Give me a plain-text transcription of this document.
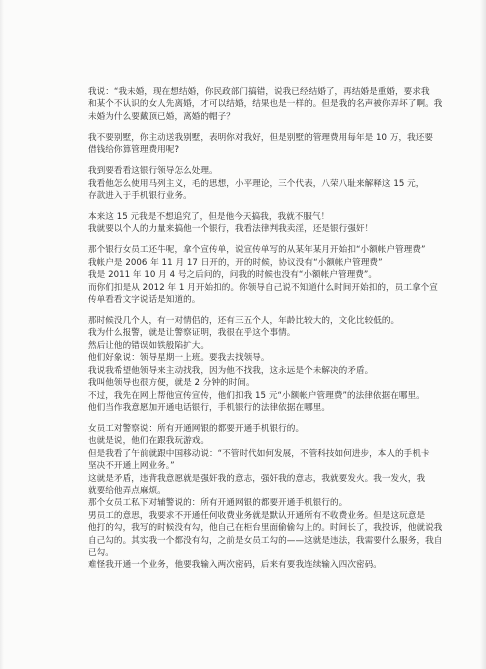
我说：“我未婚，现在想结婚，你民政部门搞错，说我已经结婚了，再结婚是重婚，要求我
和某个不认识的女人先离婚，才可以结婚，结果也是一样的。但是我的名声被你弄坏了啊。我
未婚为什么要戴顶已婚，离婚的帽子？

我不要别墅，你主动送我别墅，表明你对我好，但是别墅的管理费用每年是 10 万，我还要
借钱给你算管理费用呢?

我到要看看这银行领导怎么处理。
我看他怎么使用马列主义，毛的思想，小平理论，三个代表，八荣八耻来解释这 15 元，
存款进入于手机银行业务。

本来这 15 元我是不想追究了，但是他今天搞我，我就不服气！
我就要以个人的力量来搞他一个银行，我看法律判我卖淫，还是银行强奸！

那个银行女员工还牛呢，拿个宣传单，说宣传单写的从某年某月开始扣“小额帐户管理费”
我帐户是 2006 年 11 月 17 日开的，开的时候，协议没有“小额帐户管理费”
我是 2011 年 10 月 4 号之后问的，问我的时候也没有“小额帐户管理费”。
而你们扣是从 2012 年 1 月开始扣的。你领导自己说不知道什么时间开始扣的，员工拿个宣
传单看看文字说话是知道的。

那时候没几个人，有一对情侣的，还有三五个人，年龄比较大的，文化比较低的。
我为什么报警，就是让警察证明，我很在乎这个事情。
然后让他的错误如铁般陷扩大。
他们好象说：领导星期一上班。要我去找领导。
我说我希望他领导来主动找我，因为他不找我，这永远是个未解决的矛盾。
我叫他领导也很方便，就是 2 分钟的时间。
不过，我先在网上帮他宣传宣传，他们扣我 15 元“小额帐户管理费”的法律依据在哪里。
他们当作我意愿加开通电话银行，手机银行的法律依据在哪里。

女员工对警察说：所有开通网银的都要开通手机银行的。
也就是说，他们在跟我玩游戏。
但是我看了午前就跟中国移动说：“不管时代如何发展，不管科技如何进步，本人的手机卡
坚决不开通上网业务。”
这就是矛盾，违背我意愿就是强奸我的意志，强奸我的意志，我就要发火。我一发火，我
就要给他弄点麻烦。
那个女员工私下对辅警说的：所有开通网银的都要开通手机银行的。
男员工的意思，我要求不开通任何收费业务就是默认开通所有不收费业务。但是这玩意是
他打的勾，我写的时候没有勾，他自己在柜台里面偷偷勾上的。时间长了，我投诉，他就说我
自己勾的。其实我一个都没有勾，之前是女员工勾的——这就是违法，我需要什么服务，我自
已勾。
难怪我开通一个业务，他要我输入两次密码，后来有要我连续输入四次密码。
